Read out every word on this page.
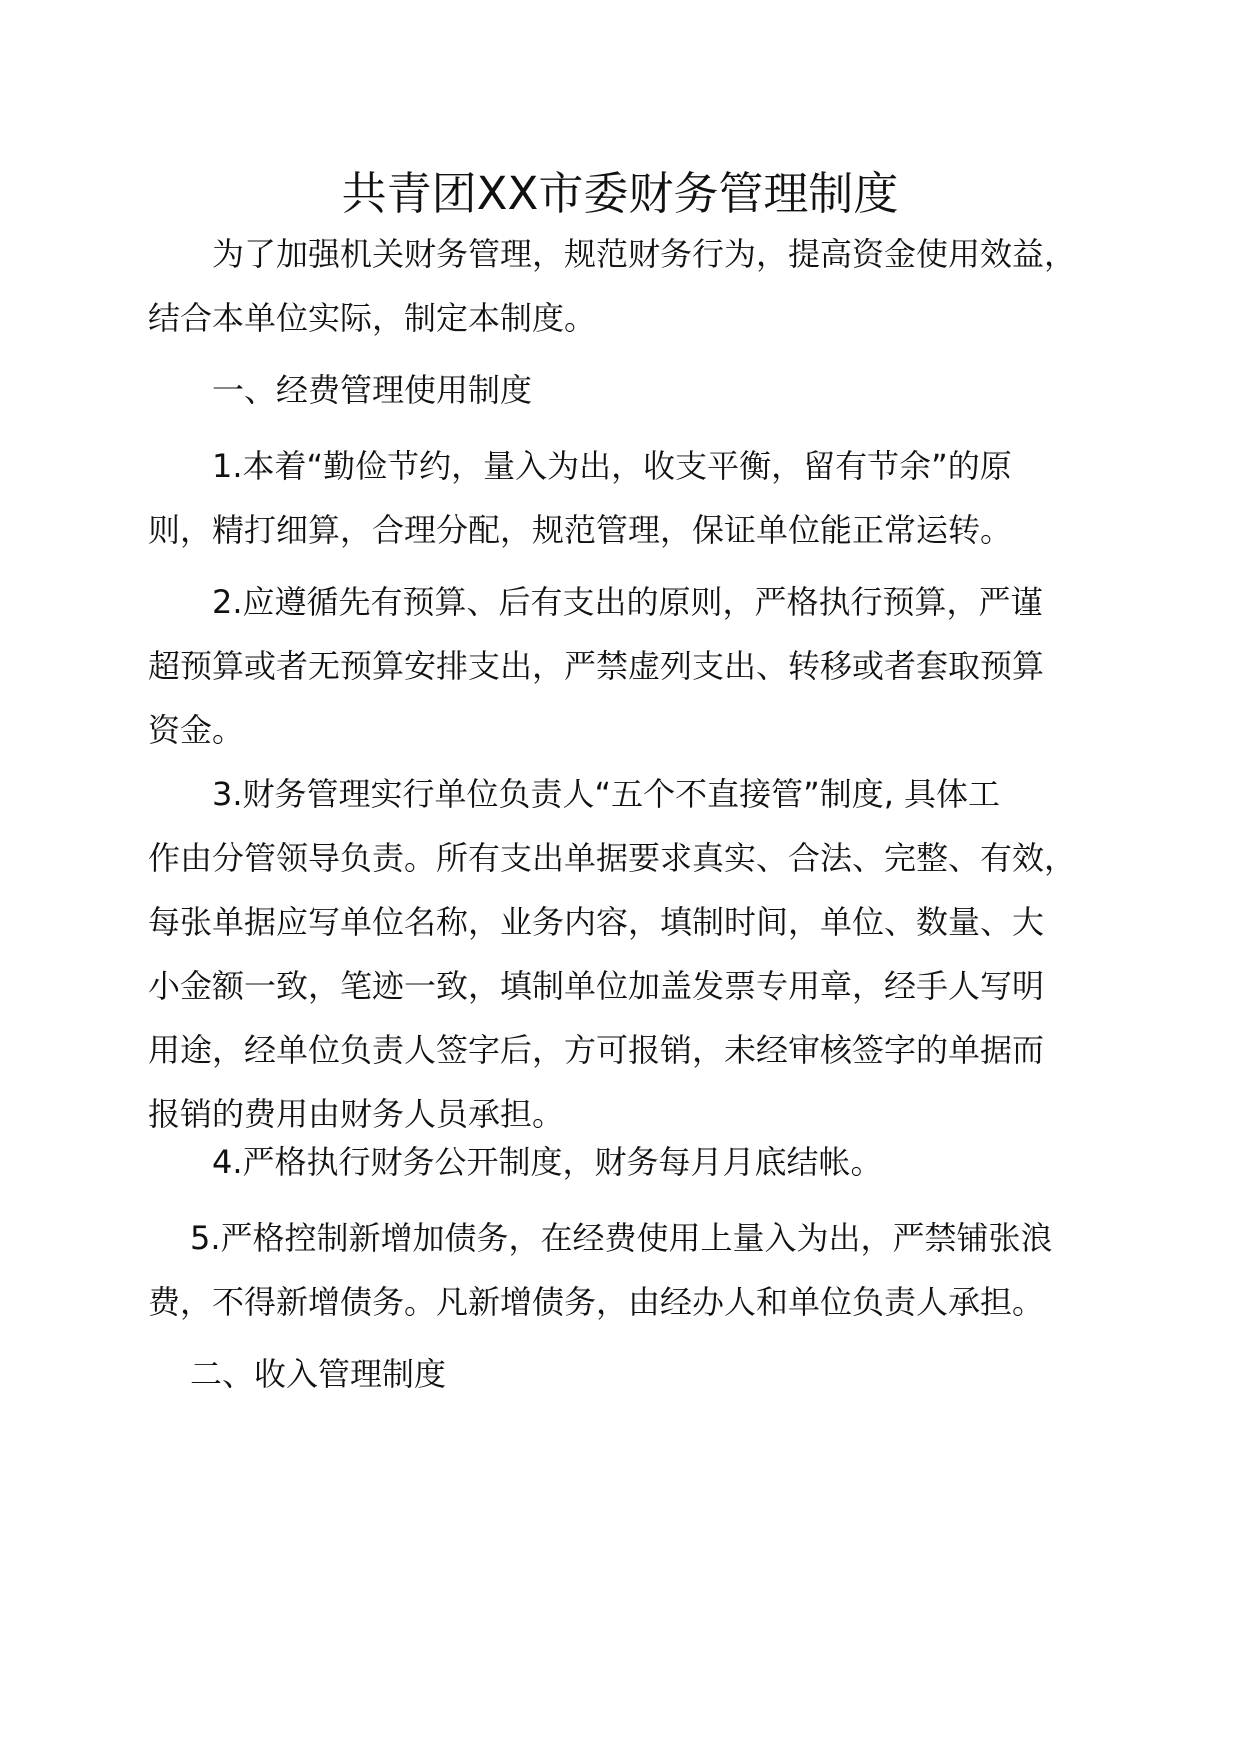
共青团XX市委财务管理制度
为了加强机关财务管理，规范财务行为，提高资金使用效益，
结合本单位实际，制定本制度。
一、经费管理使用制度
1.本着“勤俭节约，量入为出，收支平衡，留有节余”的原
则，精打细算，合理分配，规范管理，保证单位能正常运转。
2.应遵循先有预算、后有支出的原则，严格执行预算，严谨
超预算或者无预算安排支出，严禁虚列支出、转移或者套取预算
资金。
3.财务管理实行单位负责人“五个不直接管”制度, 具体工
作由分管领导负责。所有支出单据要求真实、合法、完整、有效，
每张单据应写单位名称，业务内容，填制时间，单位、数量、大
小金额一致，笔迹一致，填制单位加盖发票专用章，经手人写明
用途，经单位负责人签字后，方可报销，未经审核签字的单据而
报销的费用由财务人员承担。
4.严格执行财务公开制度，财务每月月底结帐。
5.严格控制新增加债务，在经费使用上量入为出，严禁铺张浪
费，不得新增债务。凡新增债务，由经办人和单位负责人承担。
二、收入管理制度
